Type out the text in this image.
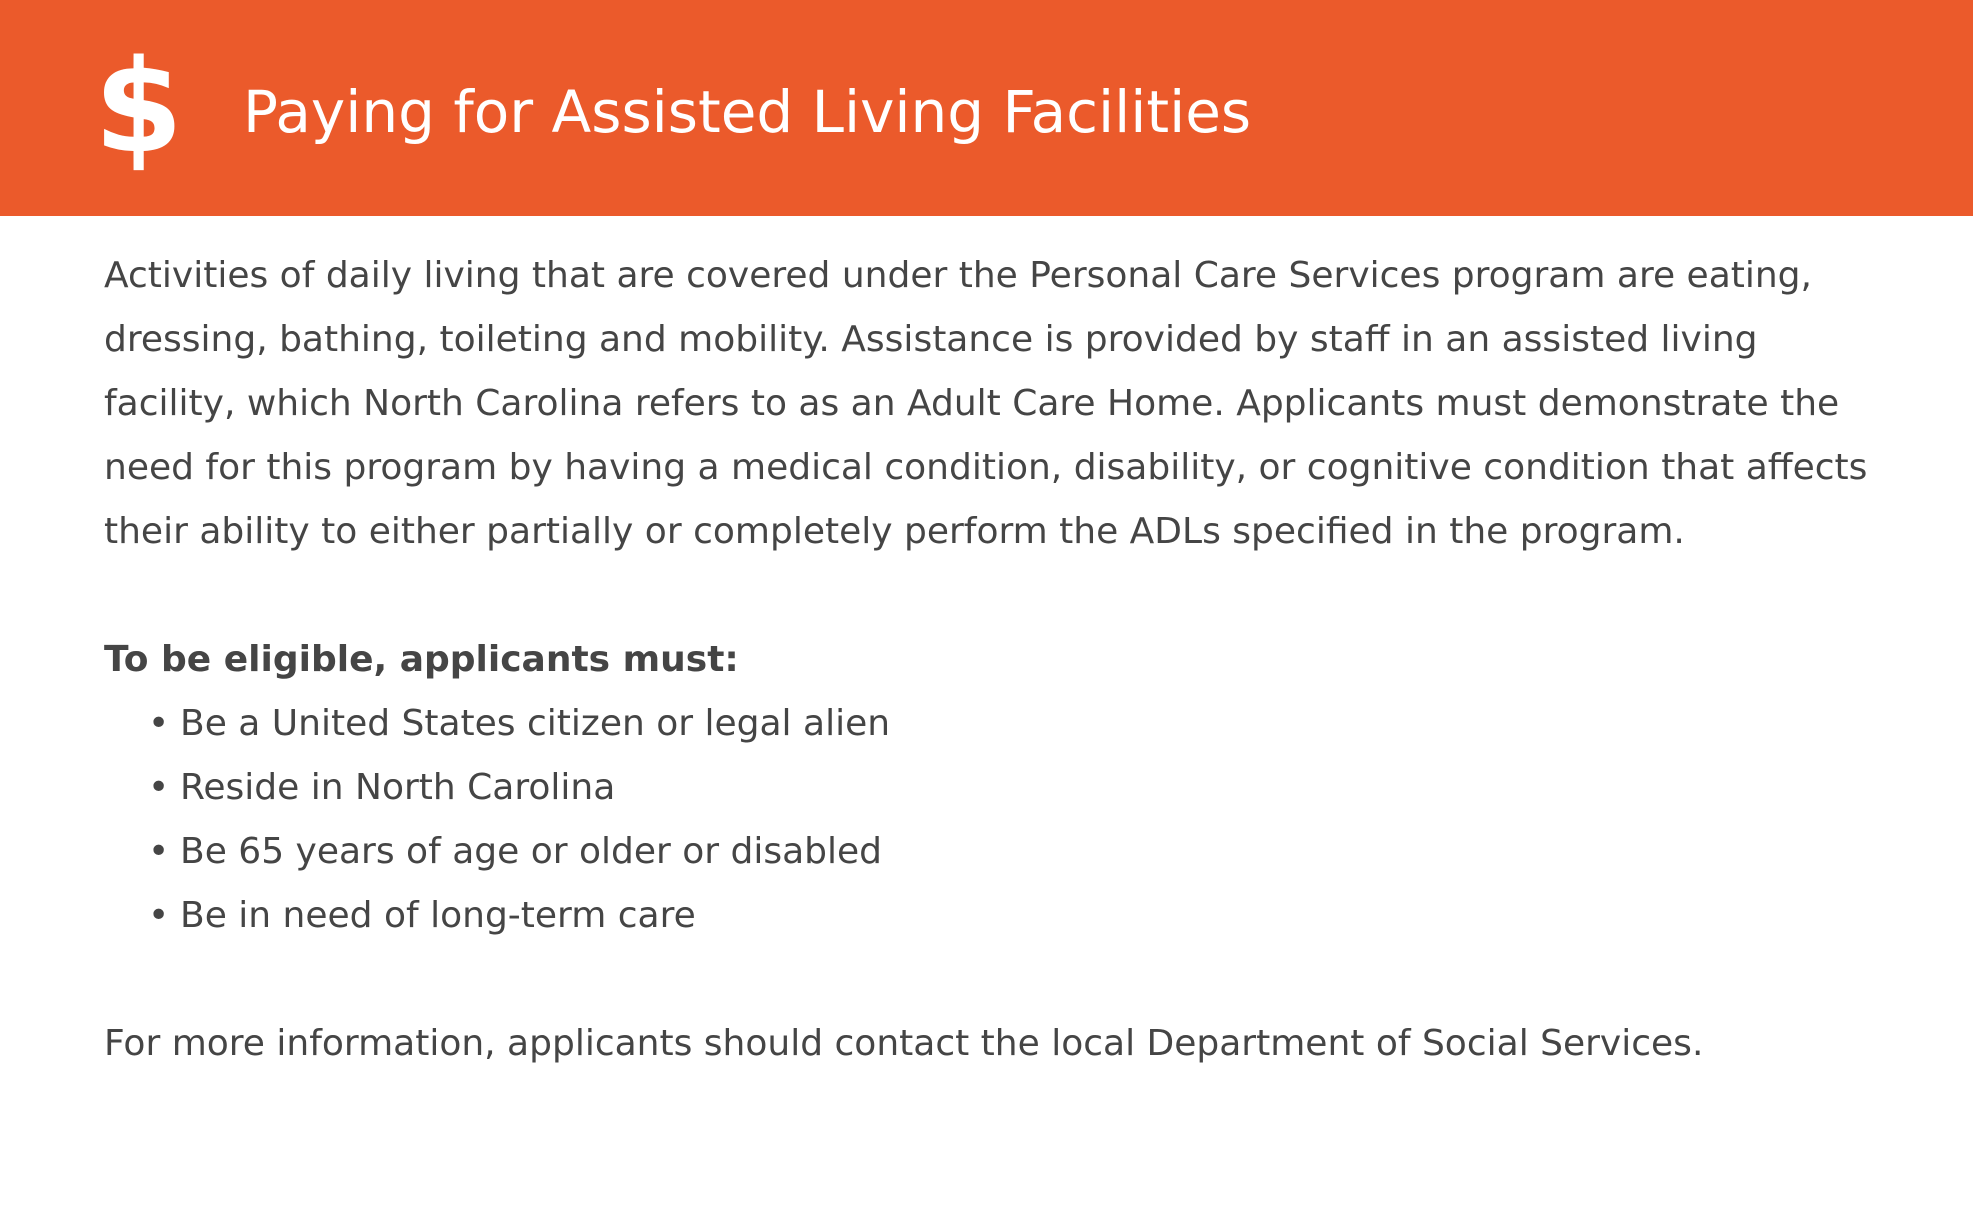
$ Paying for Assisted Living Facilities

Activities of daily living that are covered under the Personal Care Services program are eating, dressing, bathing, toileting and mobility. Assistance is provided by staff in an assisted living facility, which North Carolina refers to as an Adult Care Home. Applicants must demonstrate the need for this program by having a medical condition, disability, or cognitive condition that affects their ability to either partially or completely perform the ADLs specified in the program.

To be eligible, applicants must:
• Be a United States citizen or legal alien
• Reside in North Carolina
• Be 65 years of age or older or disabled
• Be in need of long-term care

For more information, applicants should contact the local Department of Social Services.
